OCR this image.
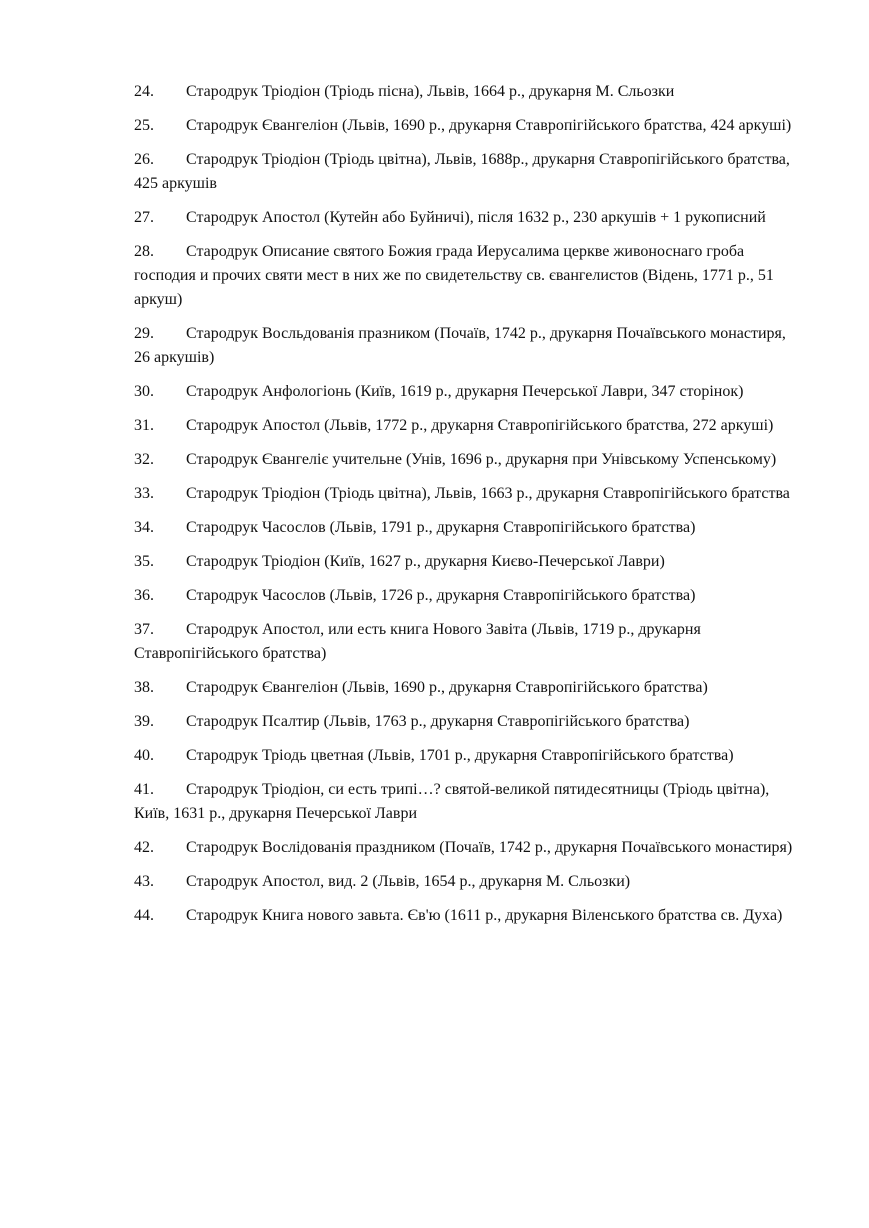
24. Стародрук Тріодіон (Тріодь пісна), Львів, 1664 р., друкарня М. Сльозки
25. Стародрук Євангеліон (Львів, 1690 р., друкарня Ставропігійського братства, 424 аркуші)
26. Стародрук Тріодіон (Тріодь цвітна), Львів, 1688р., друкарня Ставропігійського братства, 425 аркушів
27. Стародрук Апостол (Кутейн або Буйничі), після 1632 р., 230 аркушів + 1 рукописний
28. Стародрук Описание святого Божия града Иерусалима церкве живоноснаго гроба господия и прочих святи мест в них же по свидетельству св. євангелистов (Відень, 1771 р., 51 аркуш)
29. Стародрук Восльдованія празником (Почаїв, 1742 р., друкарня Почаївського монастиря, 26 аркушів)
30. Стародрук Анфологіонь (Київ, 1619 р., друкарня Печерської Лаври, 347 сторінок)
31. Стародрук Апостол (Львів, 1772 р., друкарня Ставропігійського братства, 272 аркуші)
32. Стародрук Євангеліє учительне (Унів, 1696 р., друкарня при Унівському Успенському)
33. Стародрук Тріодіон (Тріодь цвітна), Львів, 1663 р., друкарня Ставропігійського братства
34. Стародрук Часослов (Львів, 1791 р., друкарня Ставропігійського братства)
35. Стародрук Тріодіон (Київ, 1627 р., друкарня Києво-Печерської Лаври)
36. Стародрук Часослов (Львів, 1726 р., друкарня Ставропігійського братства)
37. Стародрук Апостол, или есть книга Нового Завіта (Львів, 1719 р., друкарня Ставропігійського братства)
38. Стародрук Євангеліон (Львів, 1690 р., друкарня Ставропігійського братства)
39. Стародрук Псалтир (Львів, 1763 р., друкарня Ставропігійського братства)
40. Стародрук Тріодь цветная (Львів, 1701 р., друкарня Ставропігійського братства)
41. Стародрук Тріодіон, си есть трипі…? святой-великой пятидесятницы (Тріодь цвітна), Київ, 1631 р., друкарня Печерської Лаври
42. Стародрук Вослідованія праздником (Почаїв, 1742 р., друкарня Почаївського монастиря)
43. Стародрук Апостол, вид. 2 (Львів, 1654 р., друкарня М. Сльозки)
44. Стародрук Книга нового завьта. Єв'ю (1611 р., друкарня Віленського братства св. Духа)
